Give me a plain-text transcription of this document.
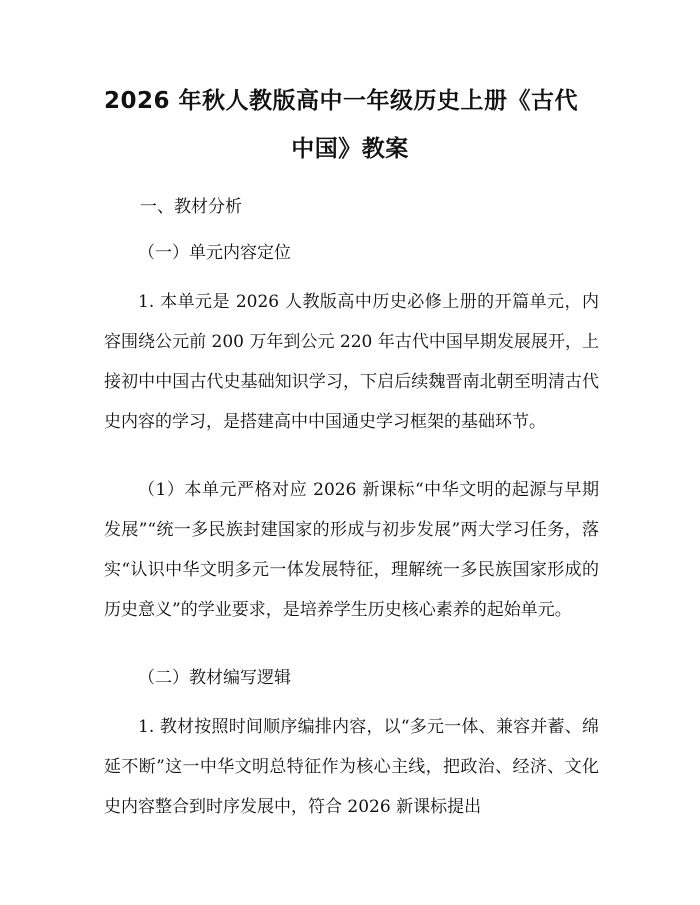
2026 年秋人教版高中一年级历史上册《古代
中国》教案
一、教材分析
（一）单元内容定位

1. 本单元是 2026 人教版高中历史必修上册的开篇单元，内容围绕公元前 200 万年到公元 220 年古代中国早期发展展开，上接初中中国古代史基础知识学习，下启后续魏晋南北朝至明清古代史内容的学习，是搭建高中中国通史学习框架的基础环节。

（1）本单元严格对应 2026 新课标“中华文明的起源与早期发展”“统一多民族封建国家的形成与初步发展”两大学习任务，落实“认识中华文明多元一体发展特征，理解统一多民族国家形成的历史意义”的学业要求，是培养学生历史核心素养的起始单元。

（二）教材编写逻辑

1. 教材按照时间顺序编排内容，以“多元一体、兼容并蓄、绵延不断”这一中华文明总特征作为核心主线，把政治、经济、文化史内容整合到时序发展中，符合 2026 新课标提出
